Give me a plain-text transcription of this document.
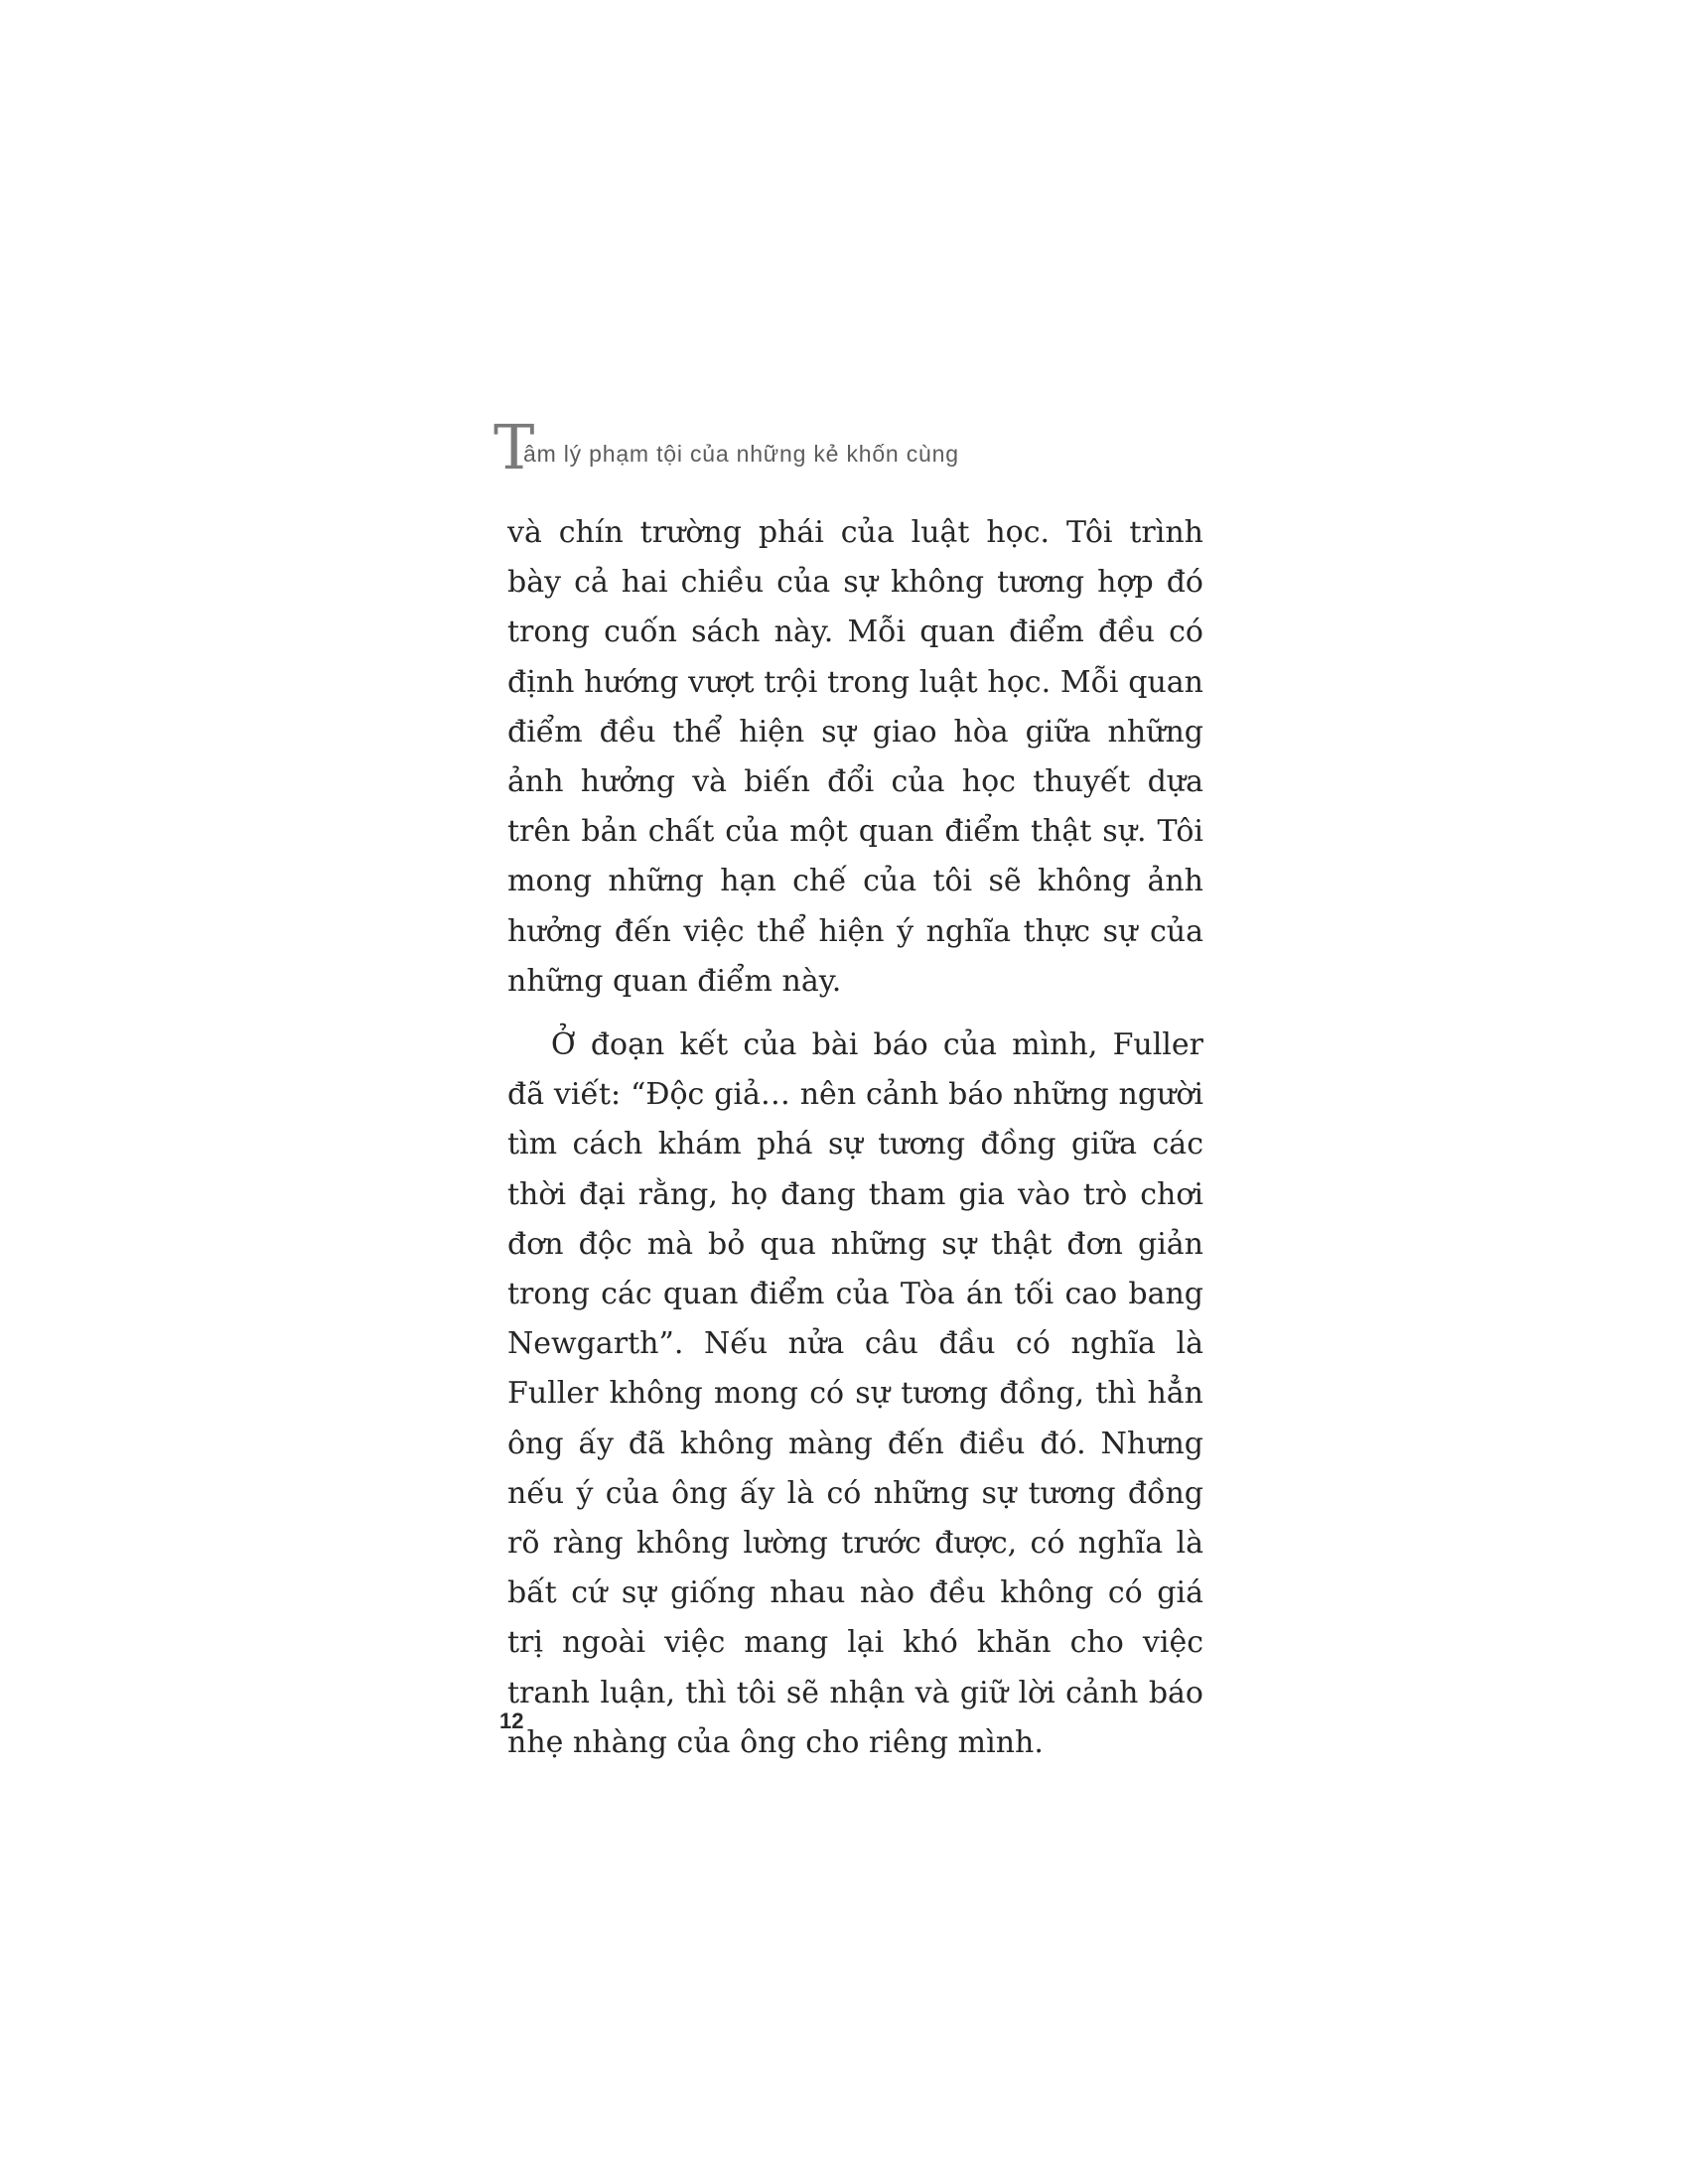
T
âm lý phạm tội của những kẻ khốn cùng

và chín trường phái của luật học. Tôi trình bày cả hai chiều của sự không tương hợp đó trong cuốn sách này. Mỗi quan điểm đều có định hướng vượt trội trong luật học. Mỗi quan điểm đều thể hiện sự giao hòa giữa những ảnh hưởng và biến đổi của học thuyết dựa trên bản chất của một quan điểm thật sự. Tôi mong những hạn chế của tôi sẽ không ảnh hưởng đến việc thể hiện ý nghĩa thực sự của những quan điểm này.

Ở đoạn kết của bài báo của mình, Fuller đã viết: “Độc giả… nên cảnh báo những người tìm cách khám phá sự tương đồng giữa các thời đại rằng, họ đang tham gia vào trò chơi đơn độc mà bỏ qua những sự thật đơn giản trong các quan điểm của Tòa án tối cao bang Newgarth”. Nếu nửa câu đầu có nghĩa là Fuller không mong có sự tương đồng, thì hẳn ông ấy đã không màng đến điều đó. Nhưng nếu ý của ông ấy là có những sự tương đồng rõ ràng không lường trước được, có nghĩa là bất cứ sự giống nhau nào đều không có giá trị ngoài việc mang lại khó khăn cho việc tranh luận, thì tôi sẽ nhận và giữ lời cảnh báo nhẹ nhàng của ông cho riêng mình.

12
